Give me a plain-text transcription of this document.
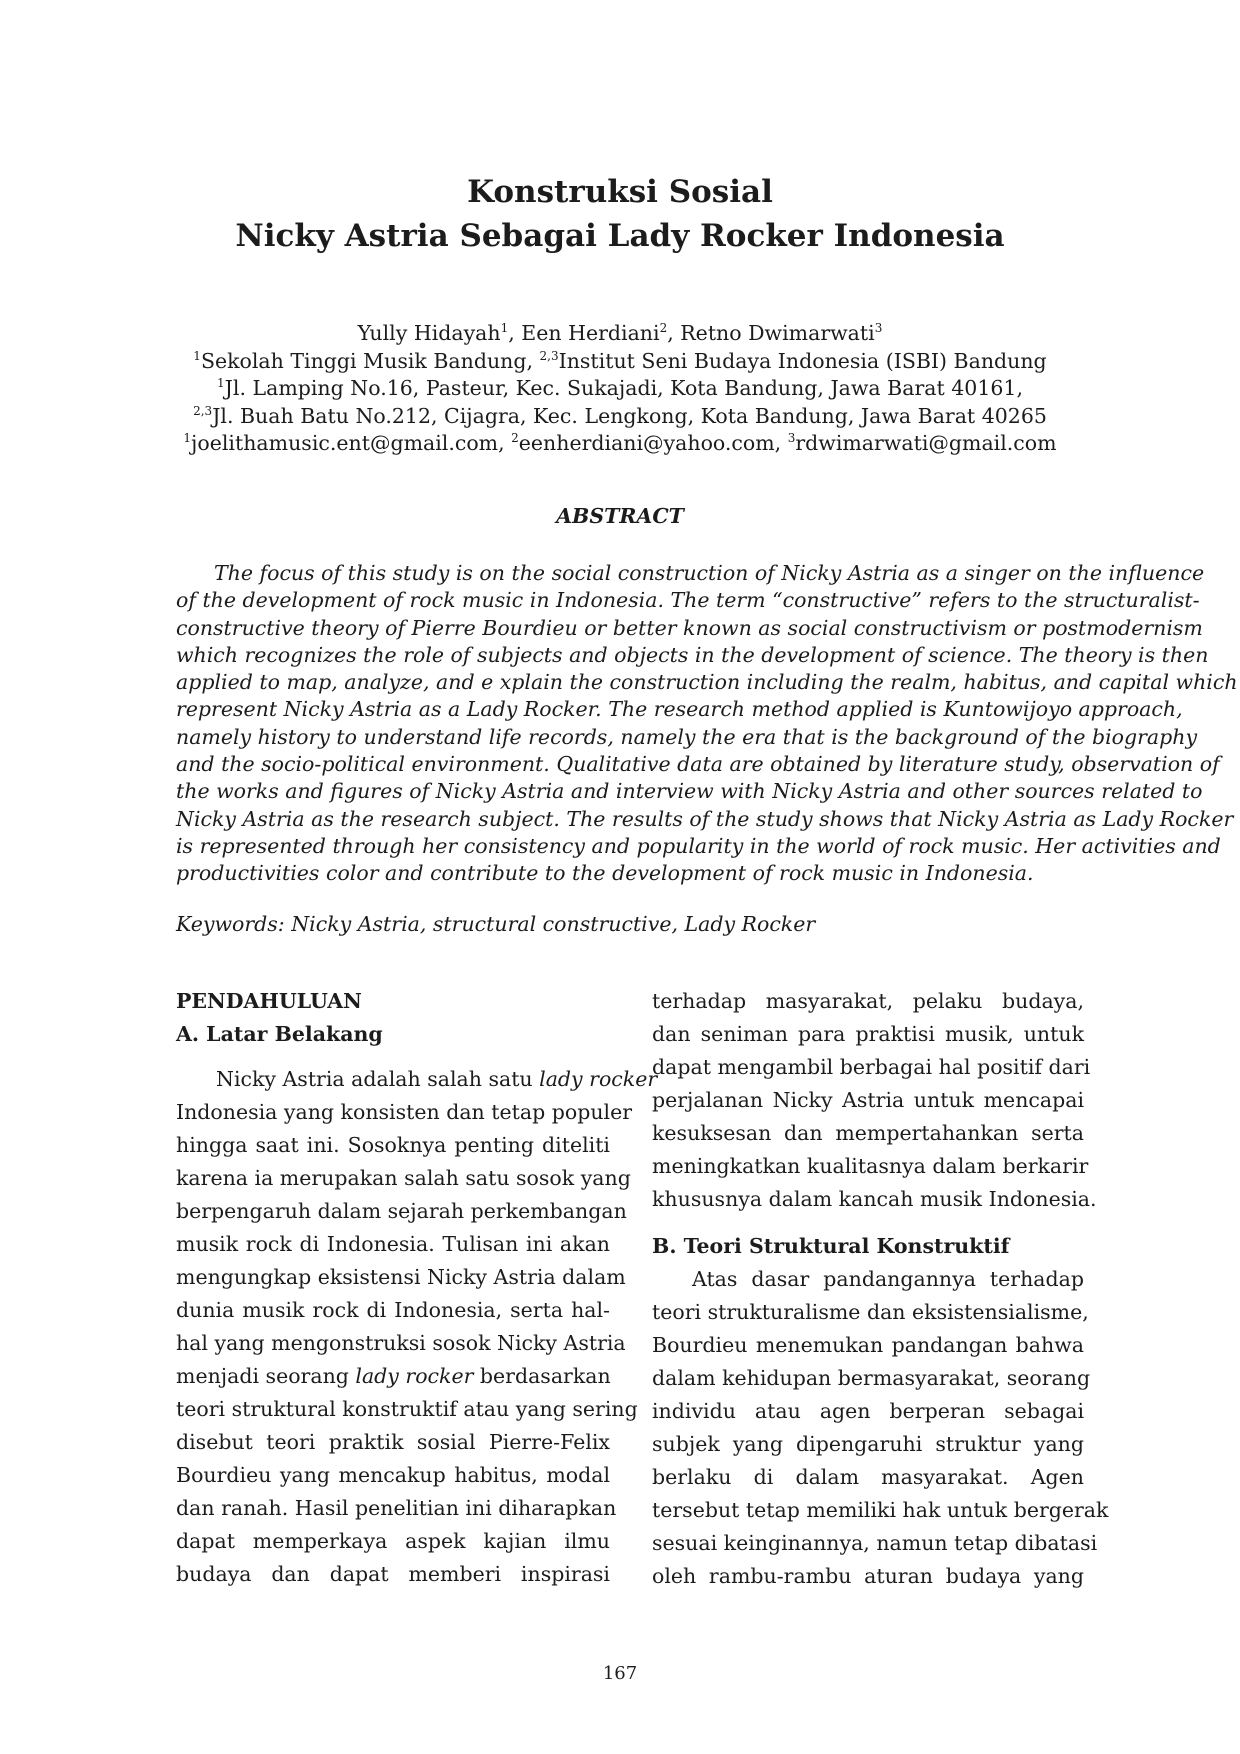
Konstruksi Sosial
Nicky Astria Sebagai Lady Rocker Indonesia
Yully Hidayah$^1$, Een Herdiani$^2$, Retno Dwimarwati$^3$
$^1$Sekolah Tinggi Musik Bandung, $^{2,3}$Institut Seni Budaya Indonesia (ISBI) Bandung
$^1$Jl. Lamping No.16, Pasteur, Kec. Sukajadi, Kota Bandung, Jawa Barat 40161,
$^{2,3}$Jl. Buah Batu No.212, Cijagra, Kec. Lengkong, Kota Bandung, Jawa Barat 40265
$^1$joelithamusic.ent@gmail.com, $^2$eenherdiani@yahoo.com, $^3$rdwimarwati@gmail.com
ABSTRACT
The focus of this study is on the social construction of Nicky Astria as a singer on the influence
of the development of rock music in Indonesia. The term “constructive” refers to the structuralist-
constructive theory of Pierre Bourdieu or better known as social constructivism or postmodernism
which recognizes the role of subjects and objects in the development of science. The theory is then
applied to map, analyze, and e xplain the construction including the realm, habitus, and capital which
represent Nicky Astria as a Lady Rocker. The research method applied is Kuntowijoyo approach,
namely history to understand life records, namely the era that is the background of the biography
and the socio-political environment. Qualitative data are obtained by literature study, observation of
the works and figures of Nicky Astria and interview with Nicky Astria and other sources related to
Nicky Astria as the research subject. The results of the study shows that Nicky Astria as Lady Rocker
is represented through her consistency and popularity in the world of rock music. Her activities and
productivities color and contribute to the development of rock music in Indonesia.
Keywords: Nicky Astria, structural constructive, Lady Rocker
PENDAHULUAN
A. Latar Belakang
Nicky Astria adalah salah satu lady rocker
Indonesia yang konsisten dan tetap populer
hingga saat ini. Sosoknya penting diteliti
karena ia merupakan salah satu sosok yang
berpengaruh dalam sejarah perkembangan
musik rock di Indonesia. Tulisan ini akan
mengungkap eksistensi Nicky Astria dalam
dunia musik rock di Indonesia, serta hal-
hal yang mengonstruksi sosok Nicky Astria
menjadi seorang lady rocker berdasarkan
teori struktural konstruktif atau yang sering
disebut teori praktik sosial Pierre-Felix
Bourdieu yang mencakup habitus, modal
dan ranah. Hasil penelitian ini diharapkan
dapat memperkaya aspek kajian ilmu
budaya dan dapat memberi inspirasi
terhadap masyarakat, pelaku budaya,
dan seniman para praktisi musik, untuk
dapat mengambil berbagai hal positif dari
perjalanan Nicky Astria untuk mencapai
kesuksesan dan mempertahankan serta
meningkatkan kualitasnya dalam berkarir
khususnya dalam kancah musik Indonesia.
B. Teori Struktural Konstruktif
Atas dasar pandangannya terhadap
teori strukturalisme dan eksistensialisme,
Bourdieu menemukan pandangan bahwa
dalam kehidupan bermasyarakat, seorang
individu atau agen berperan sebagai
subjek yang dipengaruhi struktur yang
berlaku di dalam masyarakat. Agen
tersebut tetap memiliki hak untuk bergerak
sesuai keinginannya, namun tetap dibatasi
oleh rambu-rambu aturan budaya yang
167
